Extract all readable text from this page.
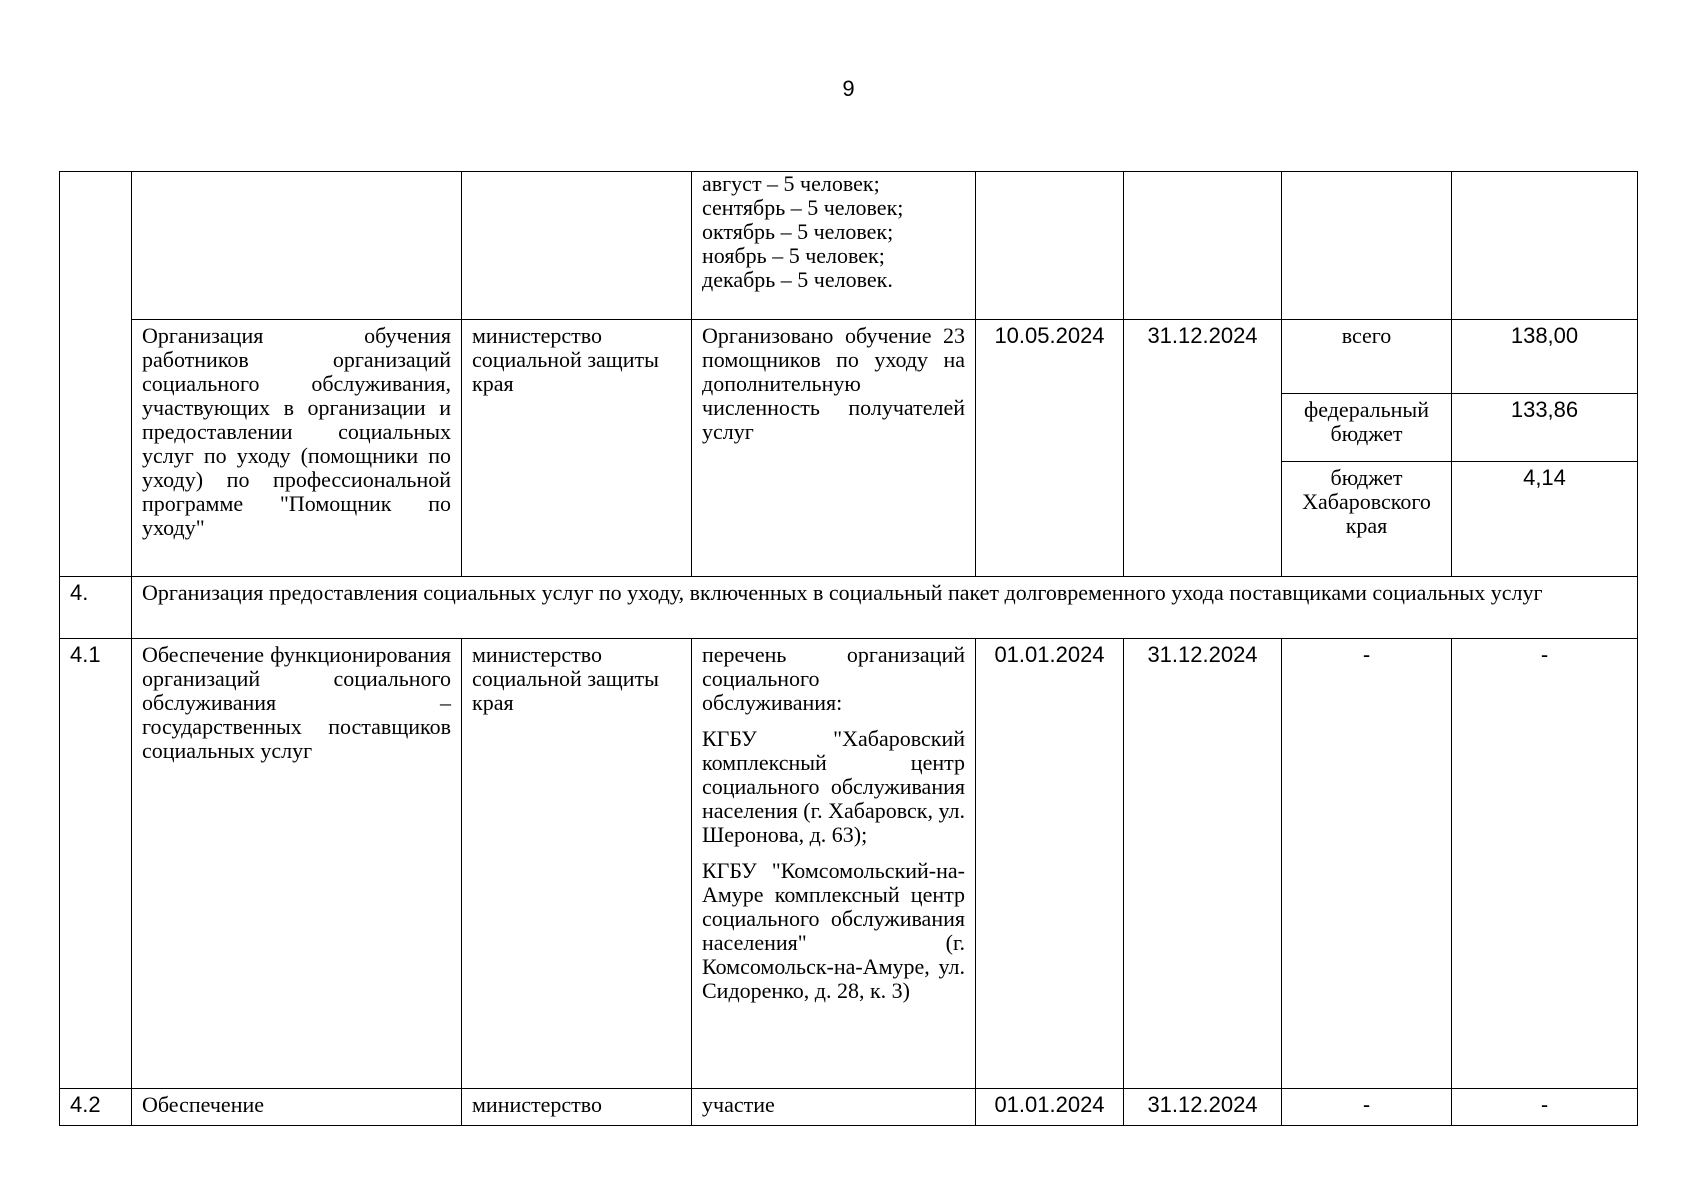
9

			август – 5 человек;
сентябрь – 5 человек;
октябрь – 5 человек;
ноябрь – 5 человек;
декабрь – 5 человек.				

	Организация обучения работников организаций социального обслуживания, участвующих в организации и предоставлении социальных услуг по уходу (помощники по уходу) по профессиональной программе "Помощник по уходу"	министерство социальной защиты края	Организовано обучение 23 помощников по уходу на дополнительную численность получателей услуг	10.05.2024	31.12.2024	всего	138,00
						федеральный бюджет	133,86
						бюджет Хабаровского края	4,14
4.	Организация предоставления социальных услуг по уходу, включенных в социальный пакет долговременного ухода поставщиками социальных услуг						
4.1	Обеспечение функционирования организаций социального обслуживания – государственных поставщиков социальных услуг	министерство социальной защиты края	перечень организаций социального обслуживания:
КГБУ "Хабаровский комплексный центр социального обслуживания населения (г. Хабаровск, ул. Шеронова, д. 63);
КГБУ "Комсомольский-на-Амуре комплексный центр социального обслуживания населения" (г. Комсомольск-на-Амуре, ул. Сидоренко, д. 28, к. 3)	01.01.2024	31.12.2024	-	-
4.2	Обеспечение	министерство	участие	01.01.2024	31.12.2024	-	-
